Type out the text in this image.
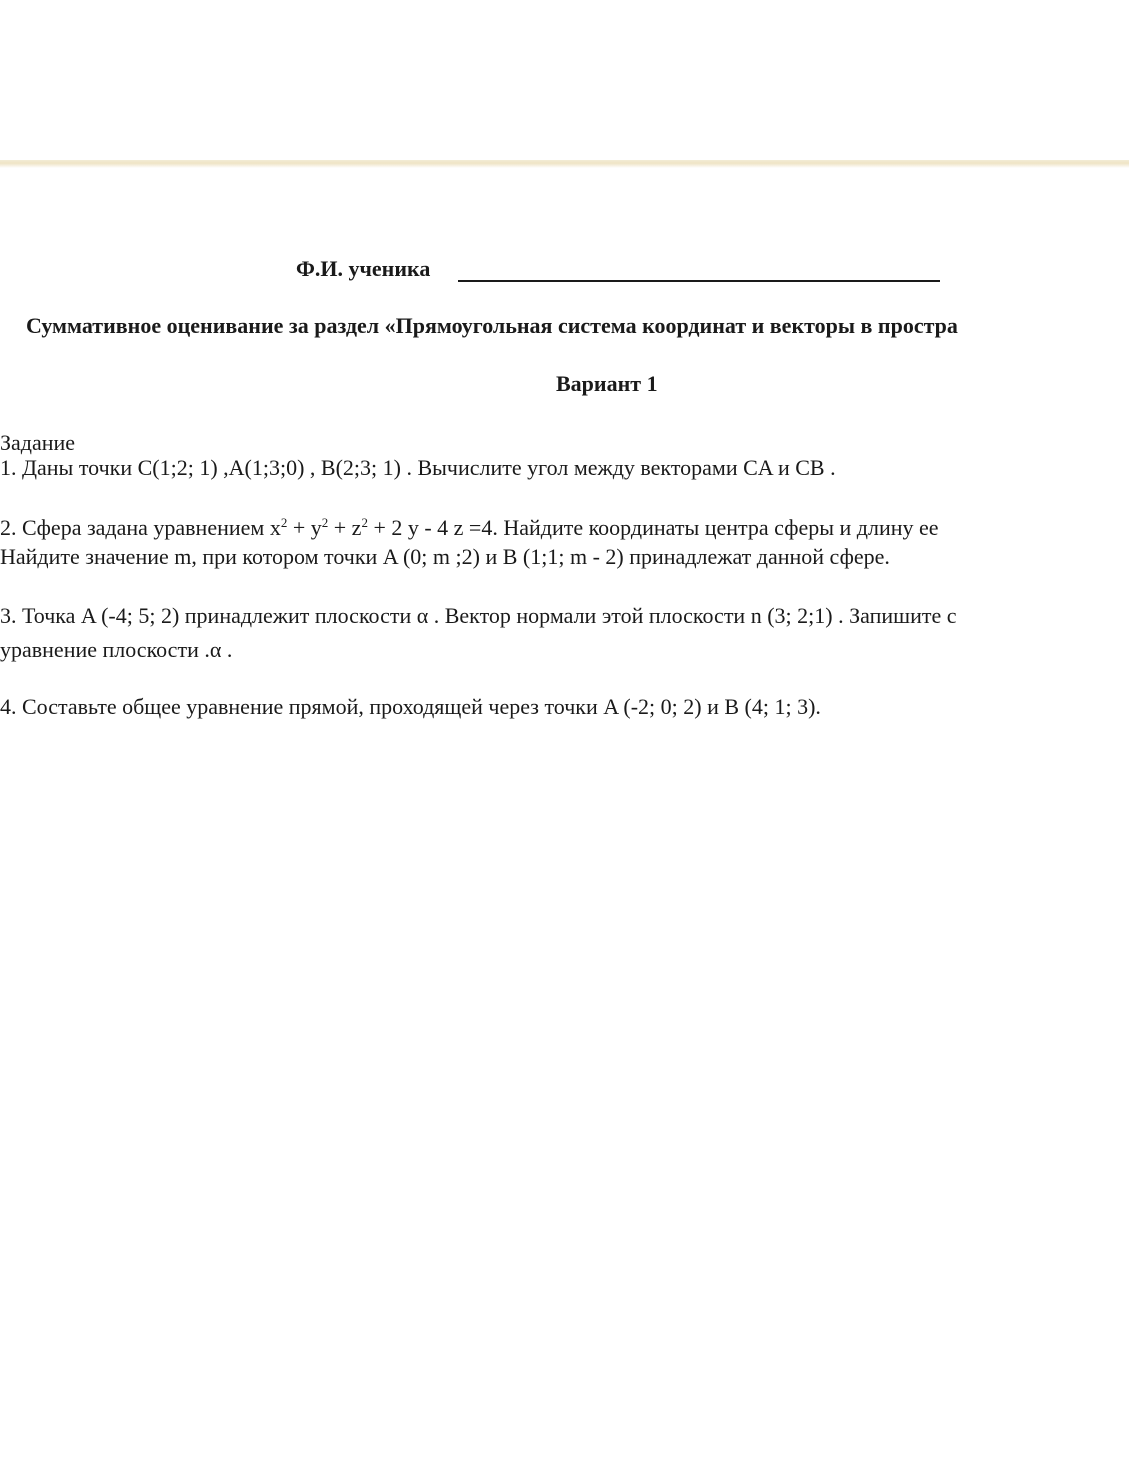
Ф.И. ученика
Суммативное оценивание за раздел «Прямоугольная система координат и векторы в простра
Вариант 1
Задание
1. Даны точки C(1;2; 1) ,A(1;3;0) , B(2;3; 1) . Вычислите угол между векторами CA и CB .
2. Сфера задана уравнением $x^2 + y^2 + z^2 + 2$ y - 4 z =4. Найдите координаты центра сферы и длину ее
Найдите значение m, при котором точки A (0; m ;2) и B (1;1; m - 2) принадлежат данной сфере.
3. Точка A (-4; 5; 2) принадлежит плоскости α . Вектор нормали этой плоскости n (3; 2;1) . Запишите с
уравнение плоскости .α .
4. Составьте общее уравнение прямой, проходящей через точки A (-2; 0; 2) и B (4; 1; 3).
